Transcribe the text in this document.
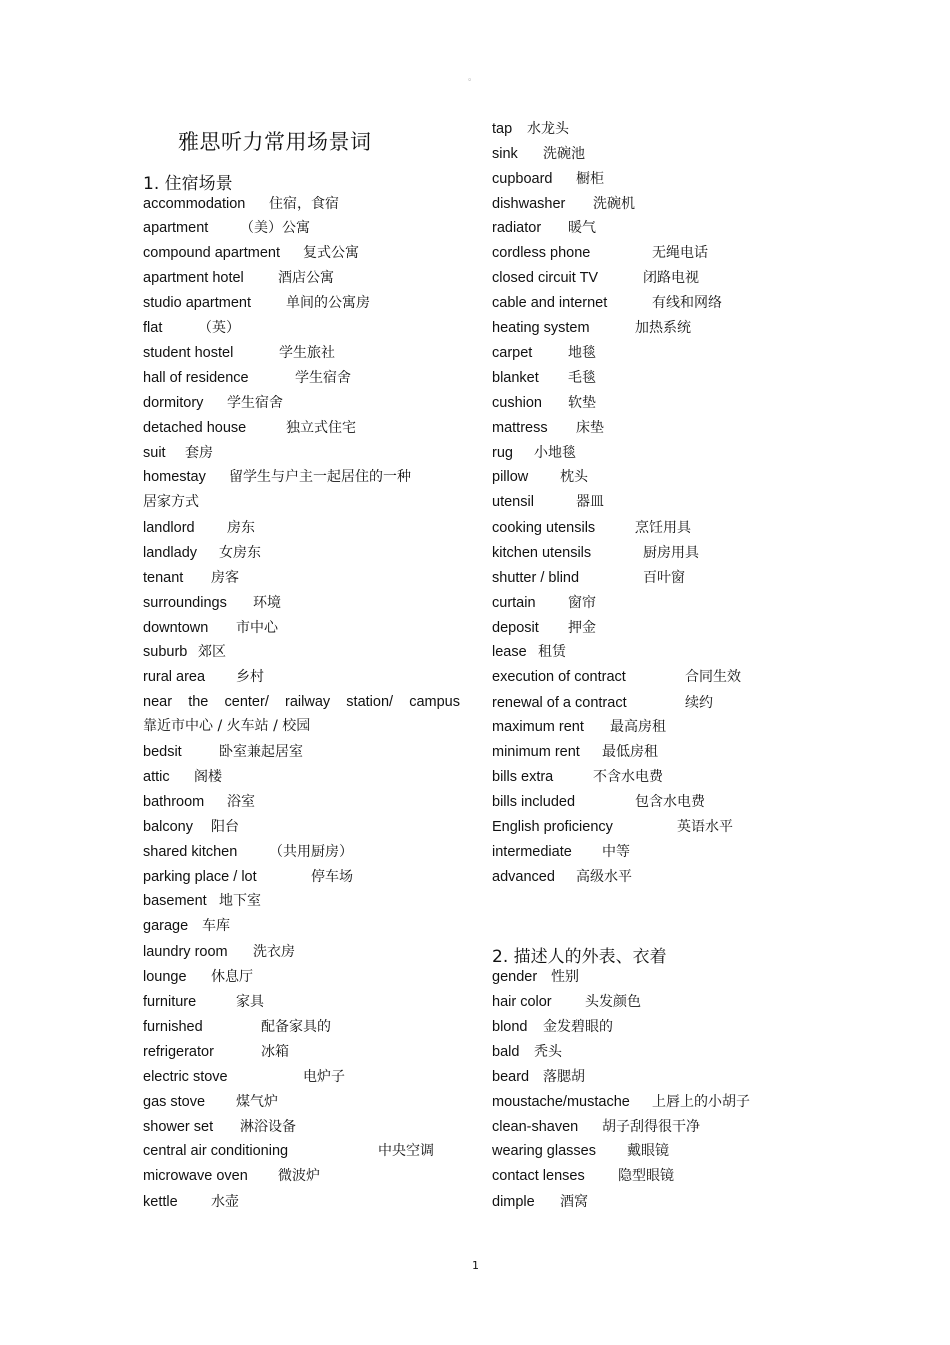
。
雅思听力常用场景词
1. 住宿场景
accommodation 住宿，食宿
apartment （美）公寓
compound apartment 复式公寓
apartment hotel 酒店公寓
studio apartment 单间的公寓房
flat	（英）
student hostel	学生旅社
hall of residence	学生宿舍
dormitory 学生宿舍
detached house	独立式住宅
suit 套房
homestay 留学生与户主一起居住的一种
居家方式
landlord 房东
landlady 女房东
tenant 房客
surroundings 环境
downtown 市中心
suburb 郊区
rural area 乡村
near the center/ railway station/ campus
靠近市中心 / 火车站 / 校园
bedsit	卧室兼起居室
attic 阁楼
bathroom 浴室
balcony 阳台
shared kitchen （共用厨房）
parking place / lot	停车场
basement 地下室
garage 车库
laundry room 洗衣房
lounge 休息厅
furniture	家具
furnished	配备家具的
refrigerator	冰箱
electric stove	电炉子
gas stove 煤气炉
shower set 淋浴设备
central air conditioning	中央空调
microwave oven 微波炉
kettle 水壶
tap 水龙头
sink 洗碗池
cupboard 橱柜
dishwasher 洗碗机
radiator 暖气
cordless phone	无绳电话
closed circuit TV	闭路电视
cable and internet	有线和网络
heating system	加热系统
carpet	地毯
blanket 毛毯
cushion 软垫
mattress 床垫
rug 小地毯
pillow 枕头
utensil	器皿
cooking utensils	烹饪用具
kitchen utensils	厨房用具
shutter / blind	百叶窗
curtain 窗帘
deposit 押金
lease 租赁
execution of contract	合同生效
renewal of a contract	续约
maximum rent 最高房租
minimum rent 最低房租
bills extra	不含水电费
bills included	包含水电费
English proficiency	英语水平
intermediate 中等
advanced 高级水平
2. 描述人的外表、衣着
gender 性别
hair color 头发颜色
blond 金发碧眼的
bald 秃头
beard 落腮胡
moustache/mustache 上唇上的小胡子
clean-shaven 胡子刮得很干净
wearing glasses 戴眼镜
contact lenses 隐型眼镜
dimple 酒窝
1
